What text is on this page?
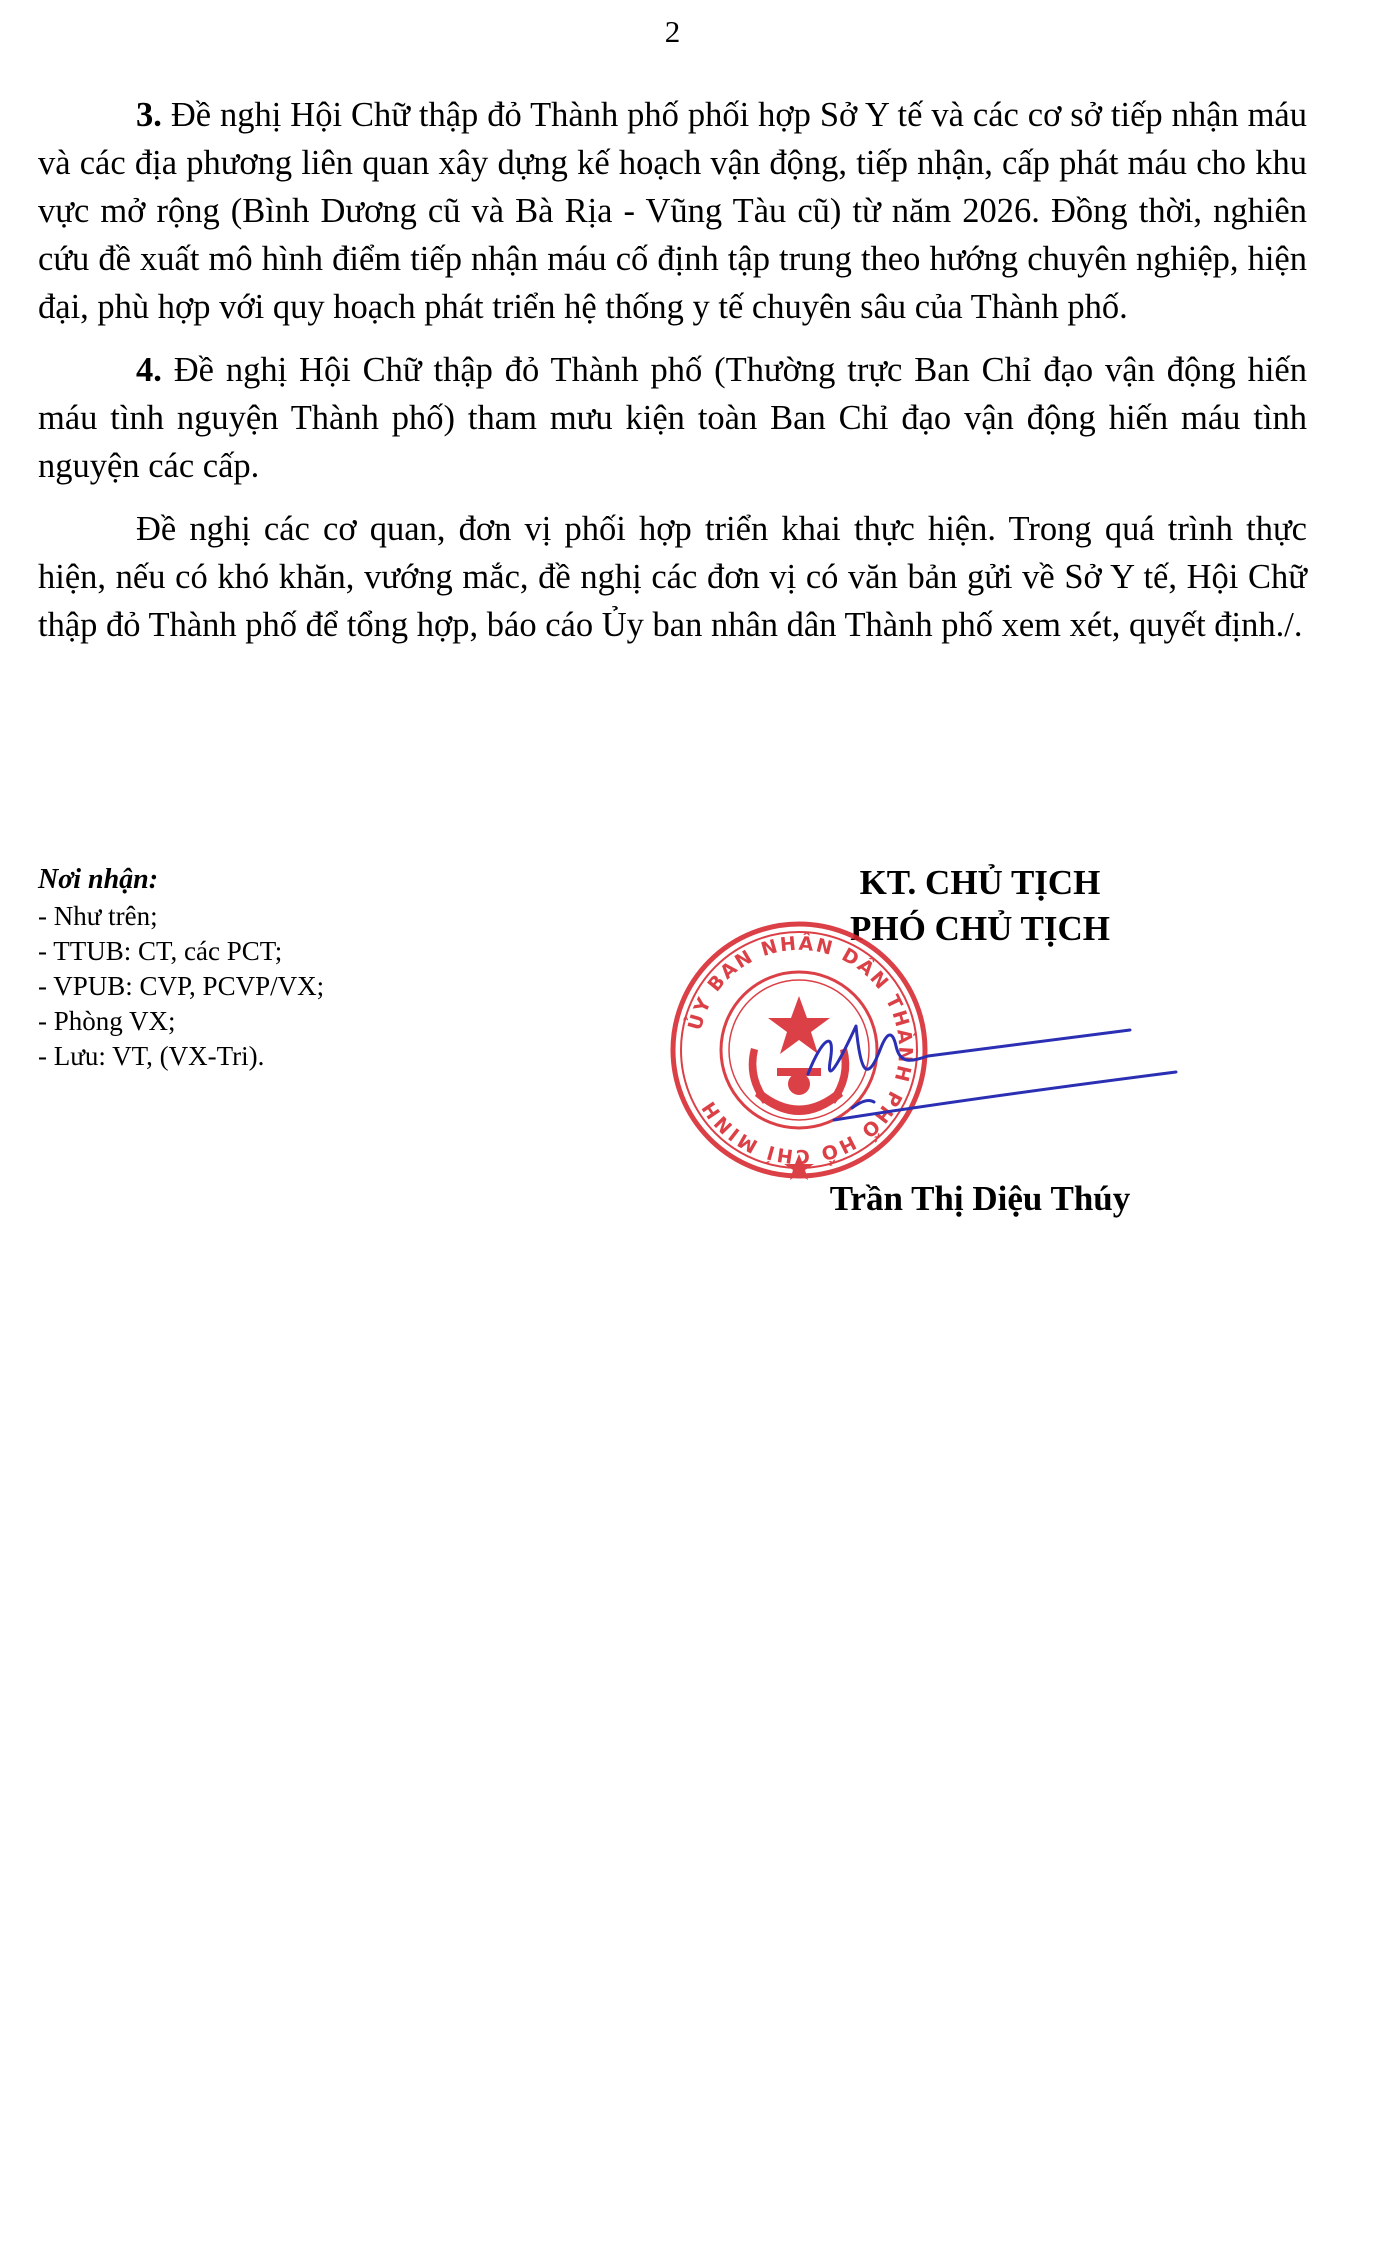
2

3. Đề nghị Hội Chữ thập đỏ Thành phố phối hợp Sở Y tế và các cơ sở tiếp nhận máu và các địa phương liên quan xây dựng kế hoạch vận động, tiếp nhận, cấp phát máu cho khu vực mở rộng (Bình Dương cũ và Bà Rịa - Vũng Tàu cũ) từ năm 2026. Đồng thời, nghiên cứu đề xuất mô hình điểm tiếp nhận máu cố định tập trung theo hướng chuyên nghiệp, hiện đại, phù hợp với quy hoạch phát triển hệ thống y tế chuyên sâu của Thành phố.

4. Đề nghị Hội Chữ thập đỏ Thành phố (Thường trực Ban Chỉ đạo vận động hiến máu tình nguyện Thành phố) tham mưu kiện toàn Ban Chỉ đạo vận động hiến máu tình nguyện các cấp.

Đề nghị các cơ quan, đơn vị phối hợp triển khai thực hiện. Trong quá trình thực hiện, nếu có khó khăn, vướng mắc, đề nghị các đơn vị có văn bản gửi về Sở Y tế, Hội Chữ thập đỏ Thành phố để tổng hợp, báo cáo Ủy ban nhân dân Thành phố xem xét, quyết định./.

Nơi nhận:
- Như trên;
- TTUB: CT, các PCT;
- VPUB: CVP, PCVP/VX;
- Phòng VX;
- Lưu: VT, (VX-Tri).
KT. CHỦ TỊCH
PHÓ CHỦ TỊCH
ỦY BAN NHÂN DÂN THÀNH PHỐ HỒ CHÍ MINH
Trần Thị Diệu Thúy
